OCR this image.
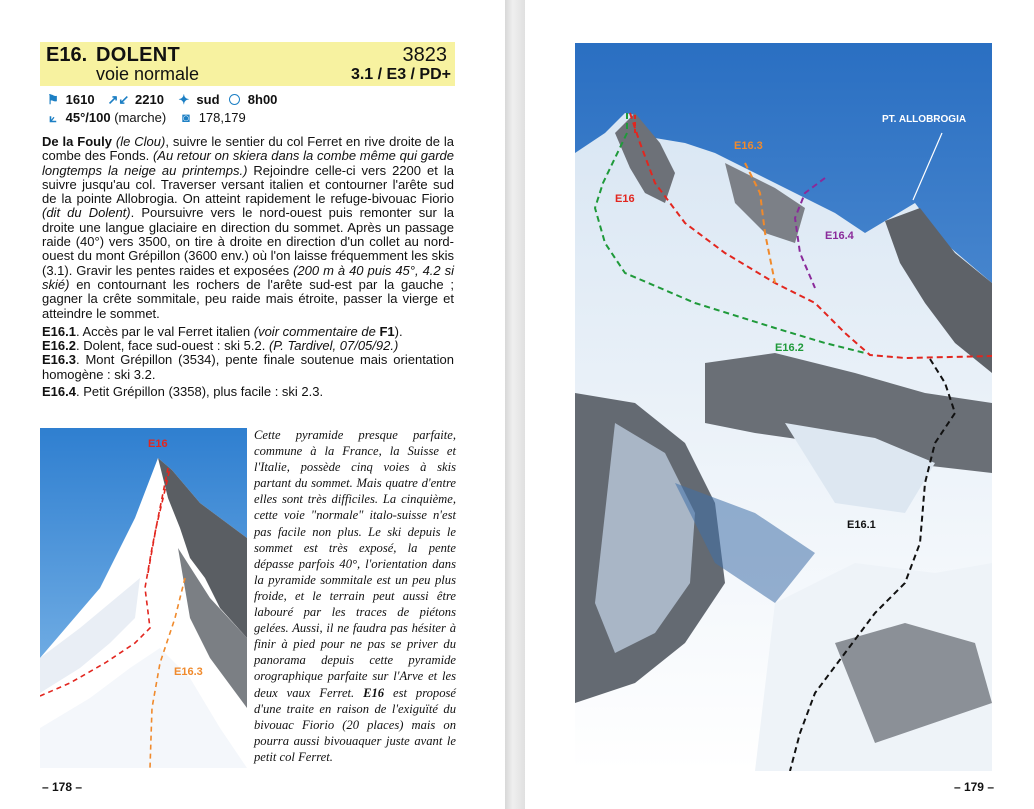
E16. DOLENT	3823
voie normale	3.1 / E3 / PD+
⚑ 1610 ↗↙ 2210 ✦ sud 8h00
⟀ 45°/100 (marche) ◙ 178,179

De la Fouly (le Clou), suivre le sentier du col Ferret en rive droite de la combe des Fonds. (Au retour on skiera dans la combe même qui garde longtemps la neige au printemps.) Rejoindre celle-ci vers 2200 et la suivre jusqu'au col. Traverser versant italien et contourner l'arête sud de la pointe Allobrogia. On atteint rapidement le refuge-bivouac Fiorio (dit du Dolent). Poursuivre vers le nord-ouest puis remonter sur la droite une langue glaciaire en direction du sommet. Après un passage raide (40°) vers 3500, on tire à droite en direction d'un collet au nord-ouest du mont Grépillon (3600 env.) où l'on laisse fréquemment les skis (3.1). Gravir les pentes raides et exposées (200 m à 40 puis 45°, 4.2 si skié) en contournant les rochers de l'arête sud-est par la gauche ; gagner la crête sommitale, peu raide mais étroite, passer la vierge et atteindre le sommet.

E16.1. Accès par le val Ferret italien (voir commentaire de F1).

E16.2. Dolent, face sud-ouest : ski 5.2. (P. Tardivel, 07/05/92.)

E16.3. Mont Grépillon (3534), pente finale soutenue mais orientation homogène : ski 3.2.

E16.4. Petit Grépillon (3358), plus facile : ski 2.3.

E16
E16.3
Cette pyramide presque parfaite, commune à la France, la Suisse et l'Italie, possède cinq voies à skis partant du sommet. Mais quatre d'entre elles sont très difficiles. La cinquième, cette voie "normale" italo-suisse n'est pas facile non plus. Le ski depuis le sommet est très exposé, la pente dépasse parfois 40°, l'orientation dans la pyramide sommitale est un peu plus froide, et le terrain peut aussi être labouré par les traces de piétons gelées. Aussi, il ne faudra pas hésiter à finir à pied pour ne pas se priver du panorama depuis cette pyramide orographique parfaite sur l'Arve et les deux vaux Ferret. E16 est proposé d'une traite en raison de l'exiguïté du bivouac Fiorio (20 places) mais on pourra aussi bivouaquer juste avant le petit col Ferret.
– 178 –	– 179 –
PT. ALLOBROGIA
E16
E16.3
E16.4
E16.2
E16.1
